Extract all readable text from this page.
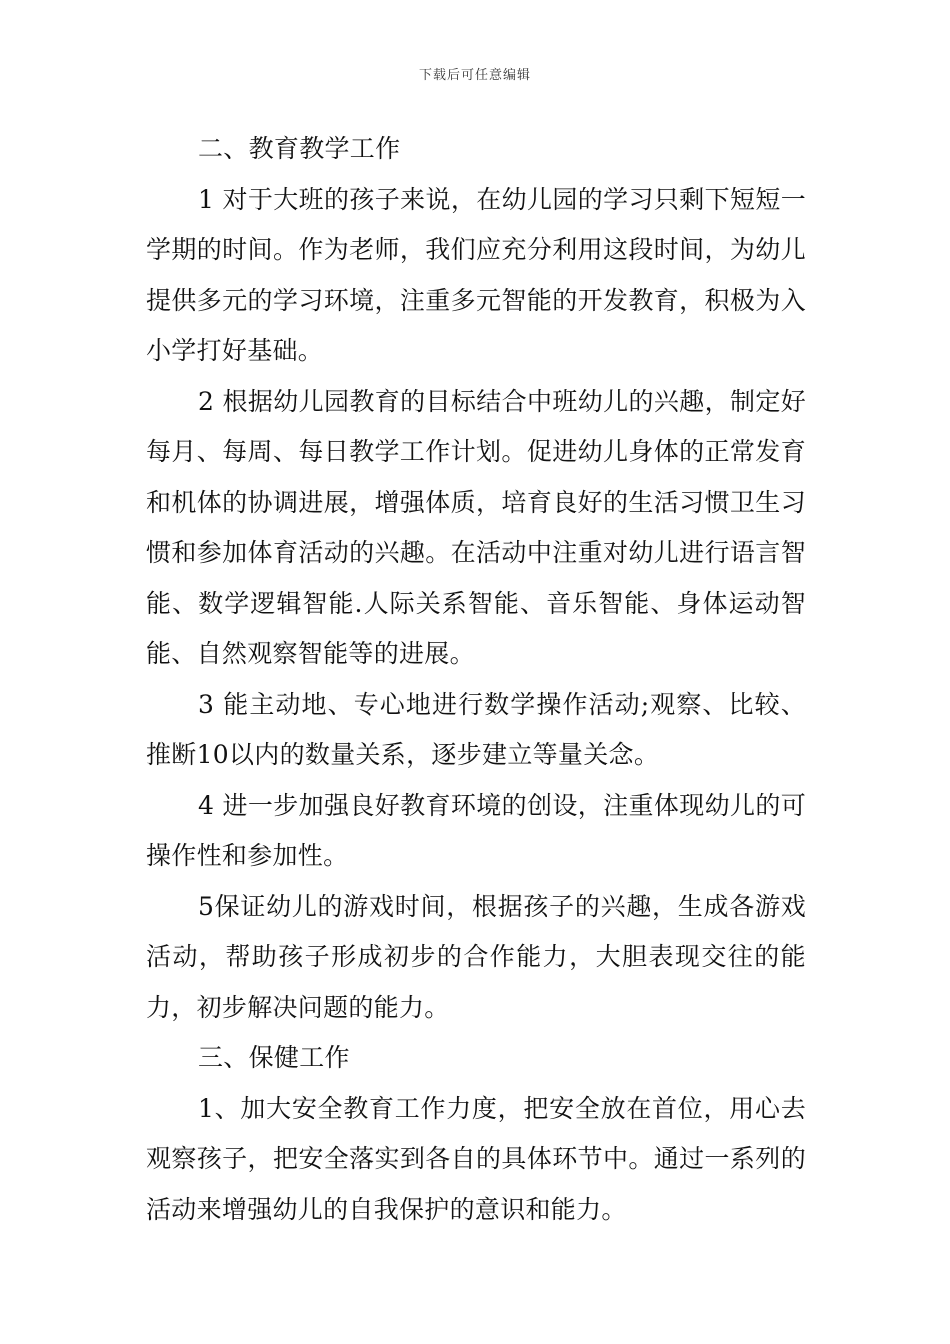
下载后可任意编辑

二、教育教学工作

1 对于大班的孩子来说，在幼儿园的学习只剩下短短一学期的时间。作为老师，我们应充分利用这段时间，为幼儿提供多元的学习环境，注重多元智能的开发教育，积极为入小学打好基础。

2 根据幼儿园教育的目标结合中班幼儿的兴趣，制定好每月、每周、每日教学工作计划。促进幼儿身体的正常发育和机体的协调进展，增强体质，培育良好的生活习惯卫生习惯和参加体育活动的兴趣。在活动中注重对幼儿进行语言智能、数学逻辑智能.人际关系智能、音乐智能、身体运动智能、自然观察智能等的进展。

3 能主动地、专心地进行数学操作活动;观察、比较、推断10以内的数量关系，逐步建立等量关念。

4 进一步加强良好教育环境的创设，注重体现幼儿的可操作性和参加性。

5保证幼儿的游戏时间，根据孩子的兴趣，生成各游戏活动，帮助孩子形成初步的合作能力，大胆表现交往的能力，初步解决问题的能力。

三、保健工作

1、加大安全教育工作力度，把安全放在首位，用心去观察孩子，把安全落实到各自的具体环节中。通过一系列的活动来增强幼儿的自我保护的意识和能力。
